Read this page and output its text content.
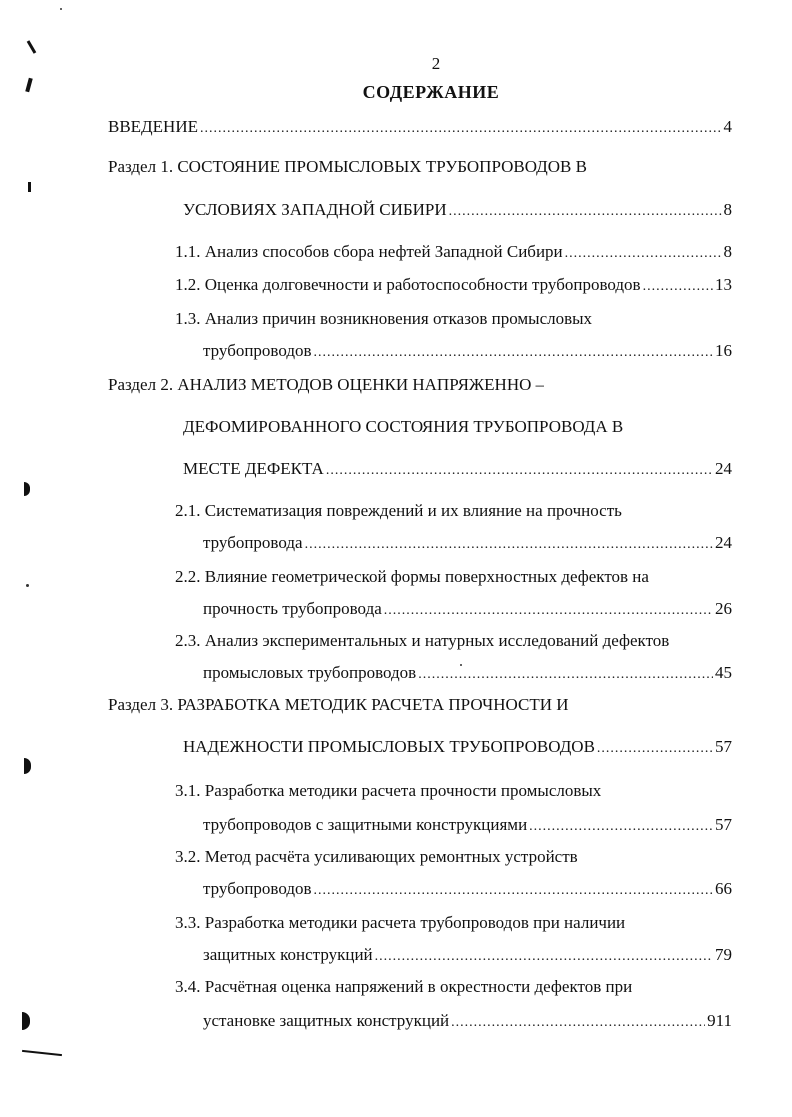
2
СОДЕРЖАНИЕ
ВВЕДЕНИЕ .....	4
Раздел 1. СОСТОЯНИЕ ПРОМЫСЛОВЫХ ТРУБОПРОВОДОВ В
УСЛОВИЯХ ЗАПАДНОЙ СИБИРИ .....	8
1.1. Анализ способов сбора нефтей Западной Сибири .....	8
1.2. Оценка долговечности и работоспособности трубопроводов .....	13
1.3. Анализ причин возникновения отказов промысловых
трубопроводов .....	16
Раздел 2. АНАЛИЗ МЕТОДОВ ОЦЕНКИ НАПРЯЖЕННО –
ДЕФОМИРОВАННОГО СОСТОЯНИЯ ТРУБОПРОВОДА В
МЕСТЕ ДЕФЕКТА .....	24
2.1. Систематизация повреждений и их влияние на прочность
трубопровода .....	24
2.2. Влияние геометрической формы поверхностных дефектов на
прочность трубопровода .....	26
2.3. Анализ экспериментальных и натурных исследований дефектов
промысловых трубопроводов .....	45
Раздел 3. РАЗРАБОТКА МЕТОДИК РАСЧЕТА ПРОЧНОСТИ И
НАДЕЖНОСТИ ПРОМЫСЛОВЫХ ТРУБОПРОВОДОВ .....	57
3.1. Разработка методики расчета прочности промысловых
трубопроводов с защитными конструкциями .....	57
3.2. Метод расчёта усиливающих ремонтных устройств
трубопроводов .....	66
3.3. Разработка методики расчета трубопроводов при наличии
защитных конструкций .....	79
3.4. Расчётная оценка напряжений в окрестности дефектов при
установке защитных конструкций .....	911
